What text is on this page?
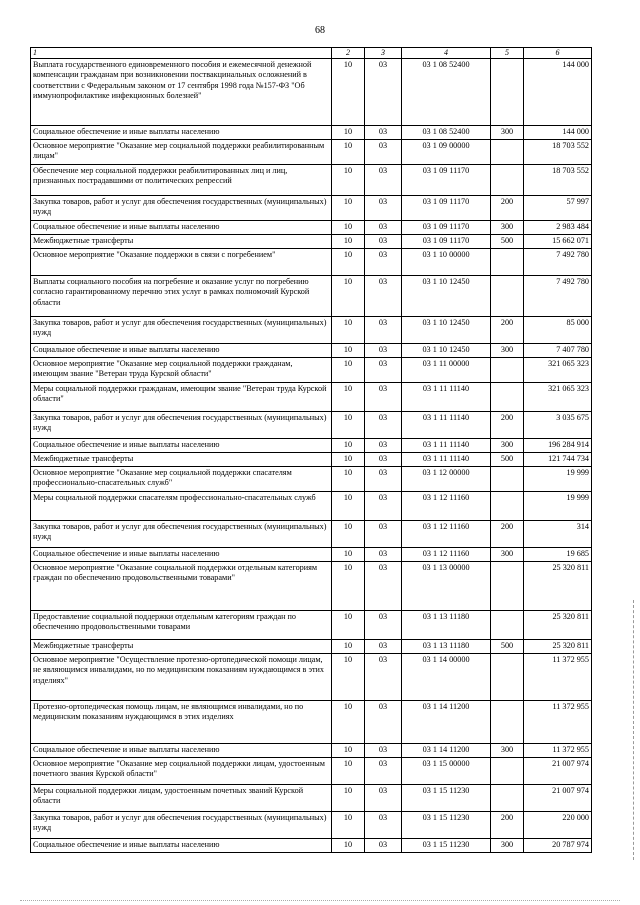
68
1	2	3	4	5	6
Выплата государственного единовременного пособия и ежемесячной денежной компенсации гражданам при возникновении поствакцинальных осложнений в соответствии с Федеральным законом от 17 сентября 1998 года №157-ФЗ "Об иммунопрофилактике инфекционных болезней"	10	03	03 1 08 52400		144 000
Социальное обеспечение и иные выплаты населению	10	03	03 1 08 52400	300	144 000
Основное мероприятие "Оказание мер социальной поддержки реабилитированным лицам"	10	03	03 1 09 00000		18 703 552
Обеспечение мер социальной поддержки реабилитированных лиц и лиц, признанных пострадавшими от политических репрессий	10	03	03 1 09 11170		18 703 552
Закупка товаров, работ и услуг для обеспечения государственных (муниципальных) нужд	10	03	03 1 09 11170	200	57 997
Социальное обеспечение и иные выплаты населению	10	03	03 1 09 11170	300	2 983 484
Межбюджетные трансферты	10	03	03 1 09 11170	500	15 662 071
Основное мероприятие "Оказание поддержки в связи с погребением"	10	03	03 1 10 00000		7 492 780
Выплаты социального пособия на погребение и оказание услуг по погребению согласно гарантированному перечню этих услуг в рамках полномочий Курской области	10	03	03 1 10 12450		7 492 780
Закупка товаров, работ и услуг для обеспечения государственных (муниципальных) нужд	10	03	03 1 10 12450	200	85 000
Социальное обеспечение и иные выплаты населению	10	03	03 1 10 12450	300	7 407 780
Основное мероприятие "Оказание мер социальной поддержки гражданам, имеющим звание "Ветеран труда Курской области"	10	03	03 1 11 00000		321 065 323
Меры социальной поддержки гражданам, имеющим звание "Ветеран труда Курской области"	10	03	03 1 11 11140		321 065 323
Закупка товаров, работ и услуг для обеспечения государственных (муниципальных) нужд	10	03	03 1 11 11140	200	3 035 675
Социальное обеспечение и иные выплаты населению	10	03	03 1 11 11140	300	196 284 914
Межбюджетные трансферты	10	03	03 1 11 11140	500	121 744 734
Основное мероприятие "Оказание мер социальной поддержки спасателям профессионально-спасательных служб"	10	03	03 1 12 00000		19 999
Меры социальной поддержки спасателям профессионально-спасательных служб	10	03	03 1 12 11160		19 999
Закупка товаров, работ и услуг для обеспечения государственных (муниципальных) нужд	10	03	03 1 12 11160	200	314
Социальное обеспечение и иные выплаты населению	10	03	03 1 12 11160	300	19 685
Основное мероприятие "Оказание социальной поддержки отдельным категориям граждан по обеспечению продовольственными товарами"	10	03	03 1 13 00000		25 320 811
Предоставление социальной поддержки отдельным категориям граждан по обеспечению продовольственными товарами	10	03	03 1 13 11180		25 320 811
Межбюджетные трансферты	10	03	03 1 13 11180	500	25 320 811
Основное мероприятие "Осуществление протезно-ортопедической помощи лицам, не являющимся инвалидами, но по медицинским показаниям нуждающимся в этих изделиях"	10	03	03 1 14 00000		11 372 955
Протезно-ортопедическая помощь лицам, не являющимся инвалидами, но по медицинским показаниям нуждающимся в этих изделиях	10	03	03 1 14 11200		11 372 955
Социальное обеспечение и иные выплаты населению	10	03	03 1 14 11200	300	11 372 955
Основное мероприятие "Оказание мер социальной поддержки лицам, удостоенным почетного звания Курской области"	10	03	03 1 15 00000		21 007 974
Меры социальной поддержки лицам, удостоенным почетных званий Курской области	10	03	03 1 15 11230		21 007 974
Закупка товаров, работ и услуг для обеспечения государственных (муниципальных) нужд	10	03	03 1 15 11230	200	220 000
Социальное обеспечение и иные выплаты населению	10	03	03 1 15 11230	300	20 787 974
